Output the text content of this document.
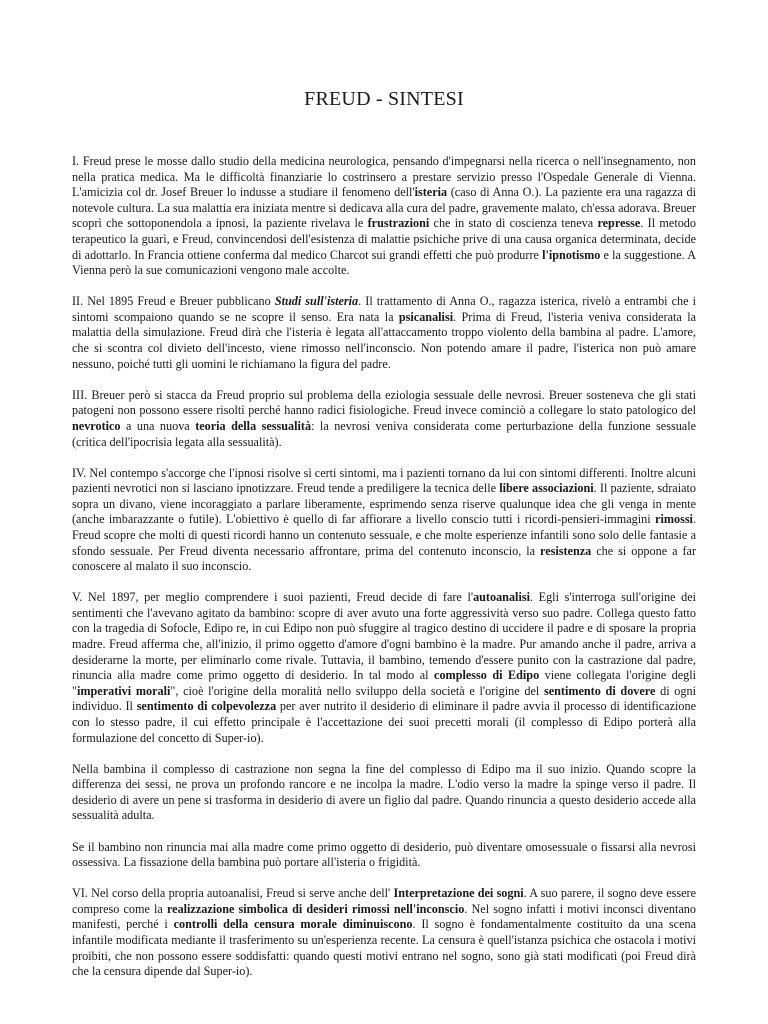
FREUD - SINTESI

I. Freud prese le mosse dallo studio della medicina neurologica, pensando d'impegnarsi nella ricerca o nell'insegnamento, non nella pratica medica. Ma le difficoltà finanziarie lo costrinsero a prestare servizio presso l'Ospedale Generale di Vienna. L'amicizia col dr. Josef Breuer lo indusse a studiare il fenomeno dell'isteria (caso di Anna O.). La paziente era una ragazza di notevole cultura. La sua malattia era iniziata mentre si dedicava alla cura del padre, gravemente malato, ch'essa adorava. Breuer scoprì che sottoponendola a ipnosi, la paziente rivelava le frustrazioni che in stato di coscienza teneva represse. Il metodo terapeutico la guarì, e Freud, convincendosi dell'esistenza di malattie psichiche prive di una causa organica determinata, decide di adottarlo. In Francia ottiene conferma dal medico Charcot sui grandi effetti che può produrre l'ipnotismo e la suggestione. A Vienna però la sue comunicazioni vengono male accolte.

II. Nel 1895 Freud e Breuer pubblicano Studi sull'isteria. Il trattamento di Anna O., ragazza isterica, rivelò a entrambi che i sintomi scompaiono quando se ne scopre il senso. Era nata la psicanalisi. Prima di Freud, l'isteria veniva considerata la malattia della simulazione. Freud dirà che l'isteria è legata all'attaccamento troppo violento della bambina al padre. L'amore, che si scontra col divieto dell'incesto, viene rimosso nell'inconscio. Non potendo amare il padre, l'isterica non può amare nessuno, poiché tutti gli uomini le richiamano la figura del padre.

III. Breuer però si stacca da Freud proprio sul problema della eziologia sessuale delle nevrosi. Breuer sosteneva che gli stati patogeni non possono essere risolti perché hanno radici fisiologiche. Freud invece cominciò a collegare lo stato patologico del nevrotico a una nuova teoria della sessualità: la nevrosi veniva considerata come perturbazione della funzione sessuale (critica dell'ipocrisia legata alla sessualità).

IV. Nel contempo s'accorge che l'ipnosi risolve sì certi sintomi, ma i pazienti tornano da lui con sintomi differenti. Inoltre alcuni pazienti nevrotici non si lasciano ipnotizzare. Freud tende a prediligere la tecnica delle libere associazioni. Il paziente, sdraiato sopra un divano, viene incoraggiato a parlare liberamente, esprimendo senza riserve qualunque idea che gli venga in mente (anche imbarazzante o futile). L'obiettivo è quello di far affiorare a livello conscio tutti i ricordi-pensieri-immagini rimossi. Freud scopre che molti di questi ricordi hanno un contenuto sessuale, e che molte esperienze infantili sono solo delle fantasie a sfondo sessuale. Per Freud diventa necessario affrontare, prima del contenuto inconscio, la resistenza che si oppone a far conoscere al malato il suo inconscio.

V. Nel 1897, per meglio comprendere i suoi pazienti, Freud decide di fare l'autoanalisi. Egli s'interroga sull'origine dei sentimenti che l'avevano agitato da bambino: scopre di aver avuto una forte aggressività verso suo padre. Collega questo fatto con la tragedia di Sofocle, Edipo re, in cui Edipo non può sfuggire al tragico destino di uccidere il padre e di sposare la propria madre. Freud afferma che, all'inizio, il primo oggetto d'amore d'ogni bambino è la madre. Pur amando anche il padre, arriva a desiderarne la morte, per eliminarlo come rivale. Tuttavia, il bambino, temendo d'essere punito con la castrazione dal padre, rinuncia alla madre come primo oggetto di desiderio. In tal modo al complesso di Edipo viene collegata l'origine degli "imperativi morali", cioè l'origine della moralità nello sviluppo della società e l'origine del sentimento di dovere di ogni individuo. Il sentimento di colpevolezza per aver nutrito il desiderio di eliminare il padre avvia il processo di identificazione con lo stesso padre, il cui effetto principale è l'accettazione dei suoi precetti morali (il complesso di Edipo porterà alla formulazione del concetto di Super-io).

Nella bambina il complesso di castrazione non segna la fine del complesso di Edipo ma il suo inizio. Quando scopre la differenza dei sessi, ne prova un profondo rancore e ne incolpa la madre. L'odio verso la madre la spinge verso il padre. Il desiderio di avere un pene si trasforma in desiderio di avere un figlio dal padre. Quando rinuncia a questo desiderio accede alla sessualità adulta.

Se il bambino non rinuncia mai alla madre come primo oggetto di desiderio, può diventare omosessuale o fissarsi alla nevrosi ossessiva. La fissazione della bambina può portare all'isteria o frigidità.

VI. Nel corso della propria autoanalisi, Freud si serve anche dell' Interpretazione dei sogni. A suo parere, il sogno deve essere compreso come la realizzazione simbolica di desideri rimossi nell'inconscio. Nel sogno infatti i motivi inconsci diventano manifesti, perché i controlli della censura morale diminuiscono. Il sogno è fondamentalmente costituito da una scena infantile modificata mediante il trasferimento su un'esperienza recente. La censura è quell'istanza psichica che ostacola i motivi proibiti, che non possono essere soddisfatti: quando questi motivi entrano nel sogno, sono già stati modificati (poi Freud dirà che la censura dipende dal Super-io).
